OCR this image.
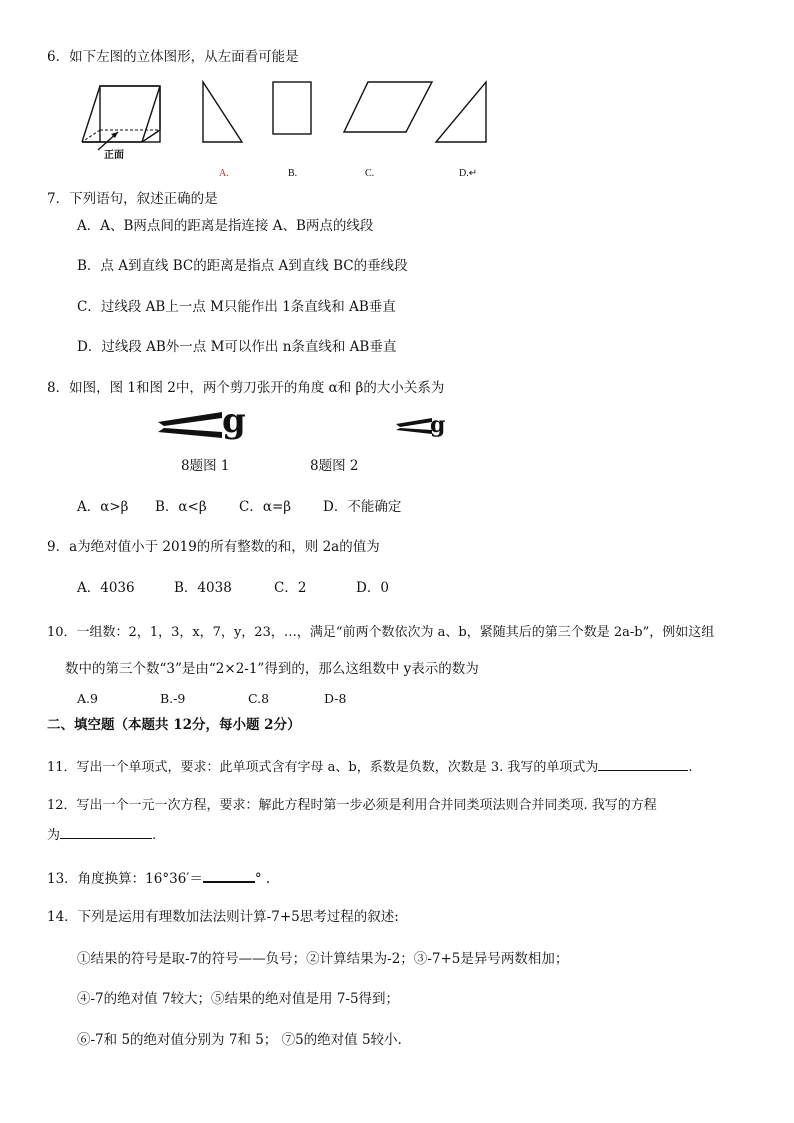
6．如下左图的立体图形，从左面看可能是
正面
A.	B.	C.	D.↵
7．下列语句，叙述正确的是
A．A、B两点间的距离是指连接 A、B两点的线段
B．点 A到直线 BC的距离是指点 A到直线 BC的垂线段
C．过线段 AB上一点 M只能作出 1条直线和 AB垂直
D．过线段 AB外一点 M可以作出 n条直线和 AB垂直
8．如图，图 1和图 2中，两个剪刀张开的角度 α和 β的大小关系为
g	g
8题图 1	8题图 2
A．α>β B．α<β C．α=β D．不能确定
9．a为绝对值小于 2019的所有整数的和，则 2a的值为
A．4036	B．4038	C．2	D．0
10．一组数：2，1，3，x，7，y，23，…，满足“前两个数依次为 a、b，紧随其后的第三个数是 2a-b”，例如这组
数中的第三个数“3”是由“2×2-1”得到的，那么这组数中 y表示的数为
A.9	B.-9	C.8	D-8
二、填空题（本题共 12分，每小题 2分）
11．写出一个单项式，要求：此单项式含有字母 a、b，系数是负数，次数是 3. 我写的单项式为	.
12．写出一个一元一次方程，要求：解此方程时第一步必须是利用合并同类项法则合并同类项. 我写的方程
为	.
13．角度换算：16°36′＝	° .
14．下列是运用有理数加法法则计算-7+5思考过程的叙述:
①结果的符号是取-7的符号——负号；②计算结果为-2；③-7+5是异号两数相加；
④-7的绝对值 7较大；⑤结果的绝对值是用 7-5得到；
⑥-7和 5的绝对值分别为 7和 5； ⑦5的绝对值 5较小.
